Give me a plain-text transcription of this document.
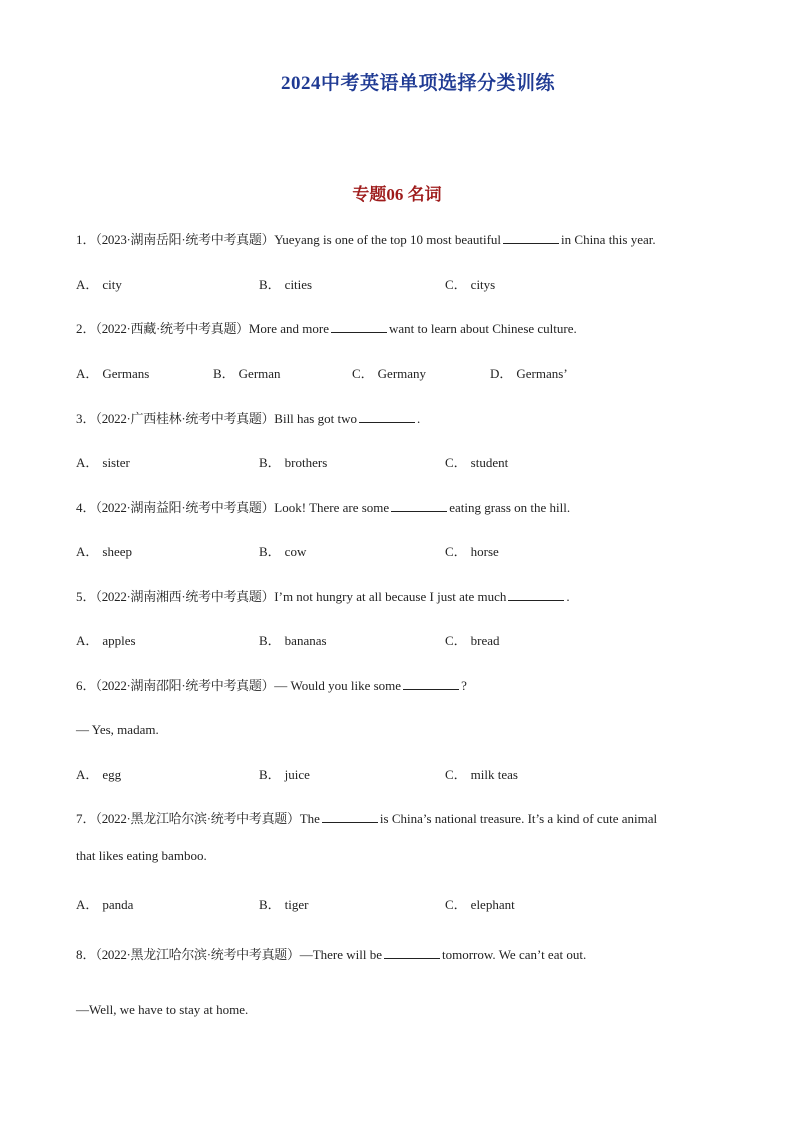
2024中考英语单项选择分类训练
专题06 名词
1．（2023·湖南岳阳·统考中考真题）Yueyang is one of the top 10 most beautiful	in China this year.
A． city	B． cities	C． citys
2．（2022·西藏·统考中考真题）More and more	want to learn about Chinese culture.
A． Germans	B． German	C． Germany	D． Germans’
3．（2022·广西桂林·统考中考真题）Bill has got two	.
A． sister	B． brothers	C． student
4．（2022·湖南益阳·统考中考真题）Look! There are some	eating grass on the hill.
A． sheep	B． cow	C． horse
5．（2022·湖南湘西·统考中考真题）I’m not hungry at all because I just ate much	.
A． apples	B． bananas	C． bread
6．（2022·湖南邵阳·统考中考真题）— Would you like some	?
— Yes, madam.
A． egg	B． juice	C． milk teas
7．（2022·黑龙江哈尔滨·统考中考真题）The	is China’s national treasure. It’s a kind of cute animal
that likes eating bamboo.
A． panda	B． tiger	C． elephant
8．（2022·黑龙江哈尔滨·统考中考真题）—There will be	tomorrow. We can’t eat out.
—Well, we have to stay at home.
